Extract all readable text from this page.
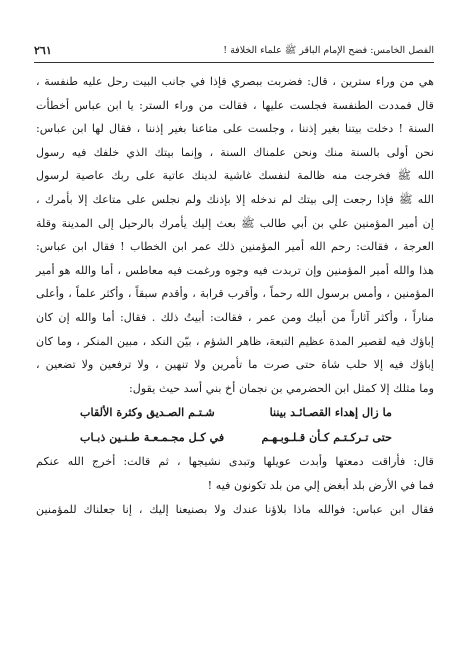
الفصل الخامس: فضح الإمام الباقر ﷺ علماء الخلافة !
٢٦١
هي من وراء سترين ، قال: فضربت ببصري فإذا في جانب البيت رحل عليه طنفسة ،
قال فمددت الطنفسة فجلست عليها ، فقالت من وراء الستر: يا ابن عباس أخطأت
السنة ! دخلت بيتنا بغير إذننا ، وجلست على متاعنا بغير إذننا ، فقال لها ابن عباس:
نحن أولى بالسنة منك ونحن علمناك السنة ، وإنما بيتك الذي خلفك فيه رسول
الله ﷺ فخرجت منه ظالمة لنفسك غاشية لدينك عاتية على ربك عاصية لرسول
الله ﷺ فإذا رجعت إلى بيتك لم ندخله إلا بإذنك ولم نجلس على متاعك إلا بأمرك ،
إن أمير المؤمنين علي بن أبي طالب ﷺ بعث إليك يأمرك بالرحيل إلى المدينة وقلة
العرجة ، فقالت: رحم الله أمير المؤمنين ذلك عمر ابن الخطاب ! فقال ابن عباس:
هذا والله أمير المؤمنين وإن تربدت فيه وجوه ورغمت فيه معاطس ، أما والله هو أمير
المؤمنين ، وأمس برسول الله رحماً ، وأقرب قرابة ، وأقدم سبقاً ، وأكثر علماً ، وأعلى
مناراً ، وأكثر آثاراً من أبيك ومن عمر ، فقالت: أبيتُ ذلك . فقال: أما والله إن كان
إباؤك فيه لقصير المدة عظيم التبعة، ظاهر الشؤم ، بيّن النكد ، مبين المنكر ، وما كان
إباؤك فيه إلا حلب شاة حتى صرت ما تأمرين ولا تنهين ، ولا ترفعين ولا تضعين ،
وما مثلك إلا كمثل ابن الحضرمي بن نجمان أخ بني أسد حيث يقول:
ما زال إهداء القصـائـد بيننا
شـتـم الصـديق وكثرة الألقاب
حتى تـركـتـم كـأن قـلـوبـهـم
في كـل مجـمـعـة طـنـين ذبـاب
قال: فأراقت دمعتها وأبدت عويلها وتبدى نشيجها ، ثم قالت: أخرج الله عنكم
فما في الأرض بلد أبغض إلي من بلد تكونون فيه !
فقال ابن عباس: فوالله ماذا بلاؤنا عندك ولا بصنيعنا إليك ، إنا جعلناك للمؤمنين
